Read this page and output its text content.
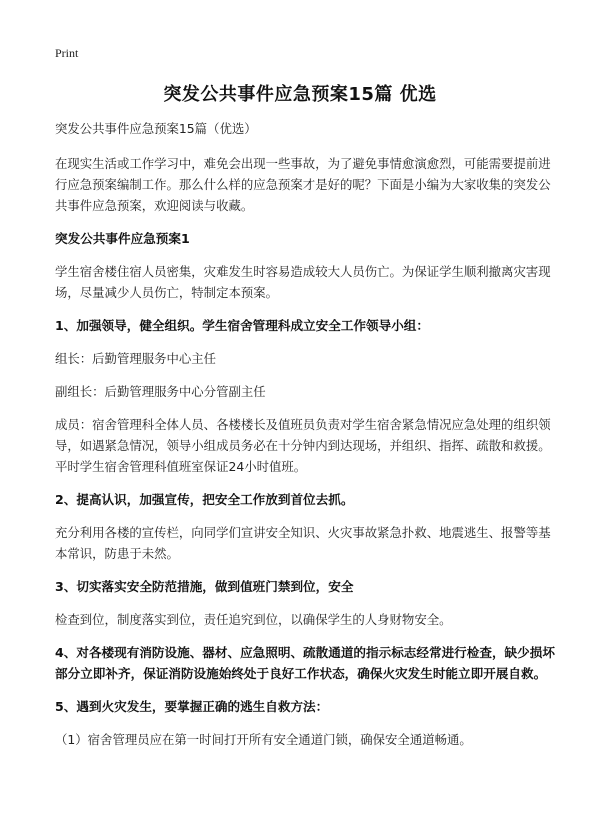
Print
突发公共事件应急预案15篇 优选

突发公共事件应急预案15篇（优选）

在现实生活或工作学习中，难免会出现一些事故，为了避免事情愈演愈烈，可能需要提前进行应急预案编制工作。那么什么样的应急预案才是好的呢？下面是小编为大家收集的突发公共事件应急预案，欢迎阅读与收藏。

突发公共事件应急预案1

学生宿舍楼住宿人员密集，灾难发生时容易造成较大人员伤亡。为保证学生顺利撤离灾害现场，尽量减少人员伤亡，特制定本预案。

1、加强领导，健全组织。学生宿舍管理科成立安全工作领导小组：

组长：后勤管理服务中心主任

副组长：后勤管理服务中心分管副主任

成员：宿舍管理科全体人员、各楼楼长及值班员负责对学生宿舍紧急情况应急处理的组织领导，如遇紧急情况，领导小组成员务必在十分钟内到达现场，并组织、指挥、疏散和救援。平时学生宿舍管理科值班室保证24小时值班。

2、提高认识，加强宣传，把安全工作放到首位去抓。

充分利用各楼的宣传栏，向同学们宣讲安全知识、火灾事故紧急扑救、地震逃生、报警等基本常识，防患于未然。

3、切实落实安全防范措施，做到值班门禁到位，安全

检查到位，制度落实到位，责任追究到位，以确保学生的人身财物安全。

4、对各楼现有消防设施、器材、应急照明、疏散通道的指示标志经常进行检查，缺少损坏部分立即补齐，保证消防设施始终处于良好工作状态，确保火灾发生时能立即开展自救。

5、遇到火灾发生，要掌握正确的逃生自救方法：

（1）宿舍管理员应在第一时间打开所有安全通道门锁，确保安全通道畅通。
